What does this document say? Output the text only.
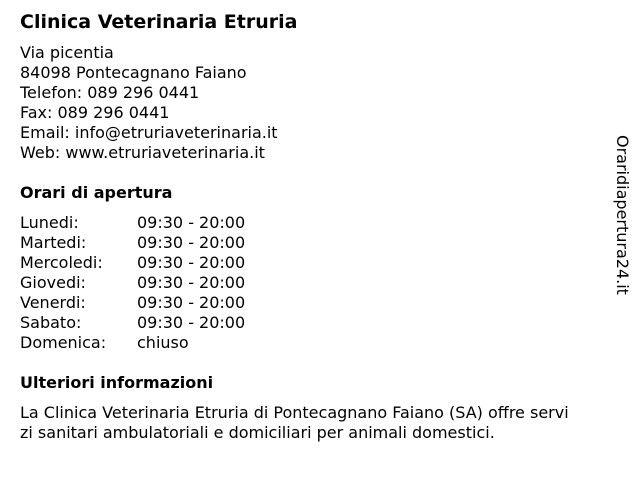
Clinica Veterinaria Etruria
Via picentia
84098 Pontecagnano Faiano
Telefon: 089 296 0441
Fax: 089 296 0441
Email: info@etruriaveterinaria.it
Web: www.etruriaveterinaria.it
Orari di apertura
Lunedi:	09:30 - 20:00
Martedi:	09:30 - 20:00
Mercoledi: 09:30 - 20:00
Giovedi:	09:30 - 20:00
Venerdi:	09:30 - 20:00
Sabato:	09:30 - 20:00
Domenica: chiuso
Ulteriori informazioni
La Clinica Veterinaria Etruria di Pontecagnano Faiano (SA) offre servi
zi sanitari ambulatoriali e domiciliari per animali domestici.
Oraridiapertura24.it
